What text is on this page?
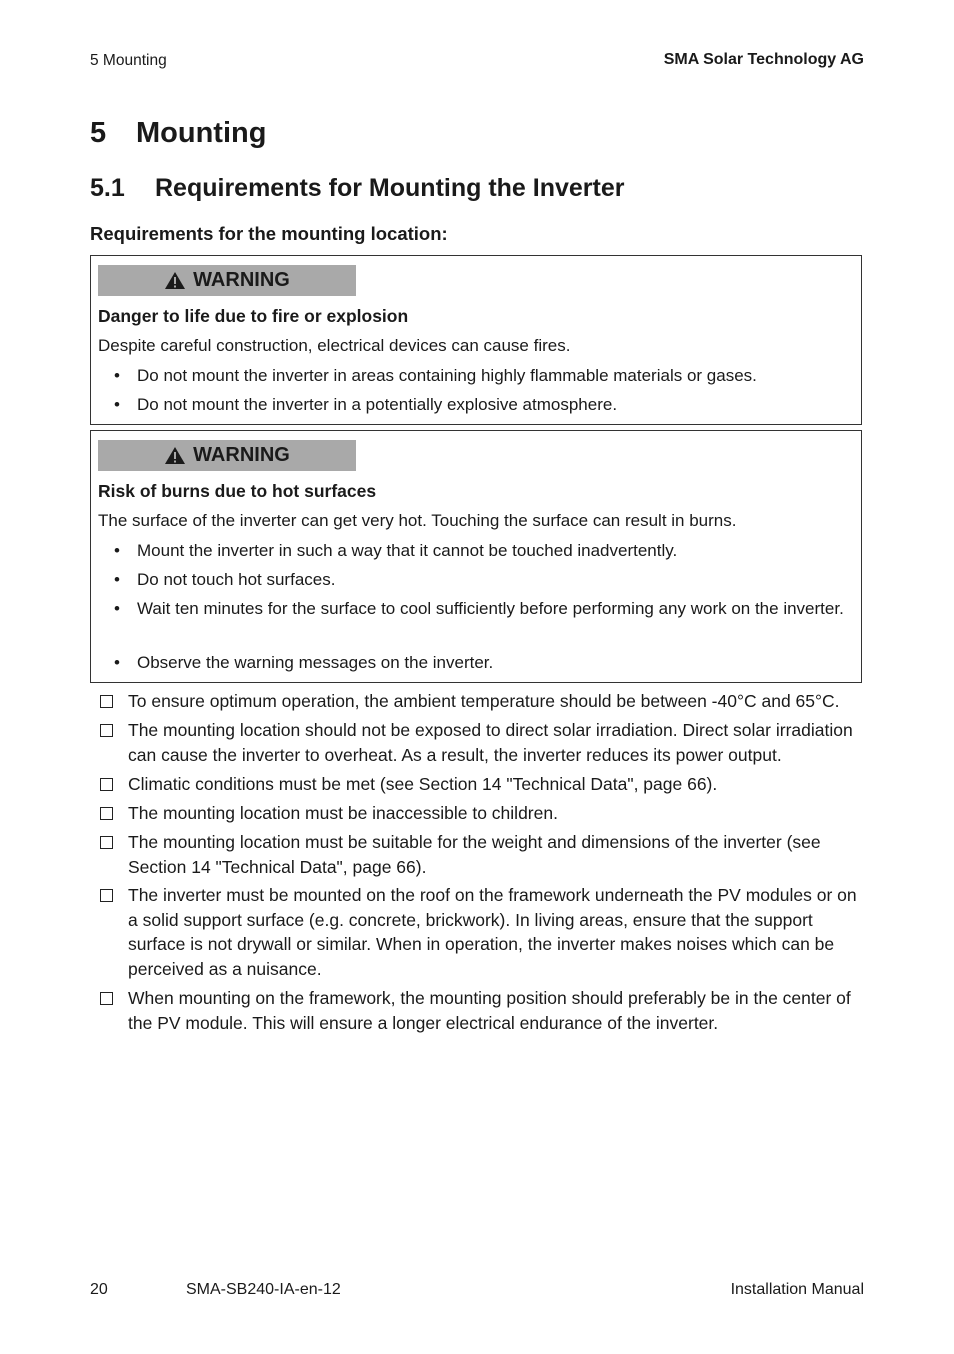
5 Mounting	SMA Solar Technology AG
5	Mounting
5.1	Requirements for Mounting the Inverter
Requirements for the mounting location:
WARNING
Danger to life due to fire or explosion
Despite careful construction, electrical devices can cause fires.
•	Do not mount the inverter in areas containing highly flammable materials or gases.
•	Do not mount the inverter in a potentially explosive atmosphere.
WARNING
Risk of burns due to hot surfaces
The surface of the inverter can get very hot. Touching the surface can result in burns.
•	Mount the inverter in such a way that it cannot be touched inadvertently.
•	Do not touch hot surfaces.
•	Wait ten minutes for the surface to cool sufficiently before performing any work on the inverter.
•	Observe the warning messages on the inverter.
To ensure optimum operation, the ambient temperature should be between -40°C and 65°C.
The mounting location should not be exposed to direct solar irradiation. Direct solar irradiation can cause the inverter to overheat. As a result, the inverter reduces its power output.
Climatic conditions must be met (see Section 14 "Technical Data", page 66).
The mounting location must be inaccessible to children.
The mounting location must be suitable for the weight and dimensions of the inverter (see Section 14 "Technical Data", page 66).
The inverter must be mounted on the roof on the framework underneath the PV modules or on a solid support surface (e.g. concrete, brickwork). In living areas, ensure that the support surface is not drywall or similar. When in operation, the inverter makes noises which can be perceived as a nuisance.
When mounting on the framework, the mounting position should preferably be in the center of the PV module. This will ensure a longer electrical endurance of the inverter.
20	SMA-SB240-IA-en-12	Installation Manual
